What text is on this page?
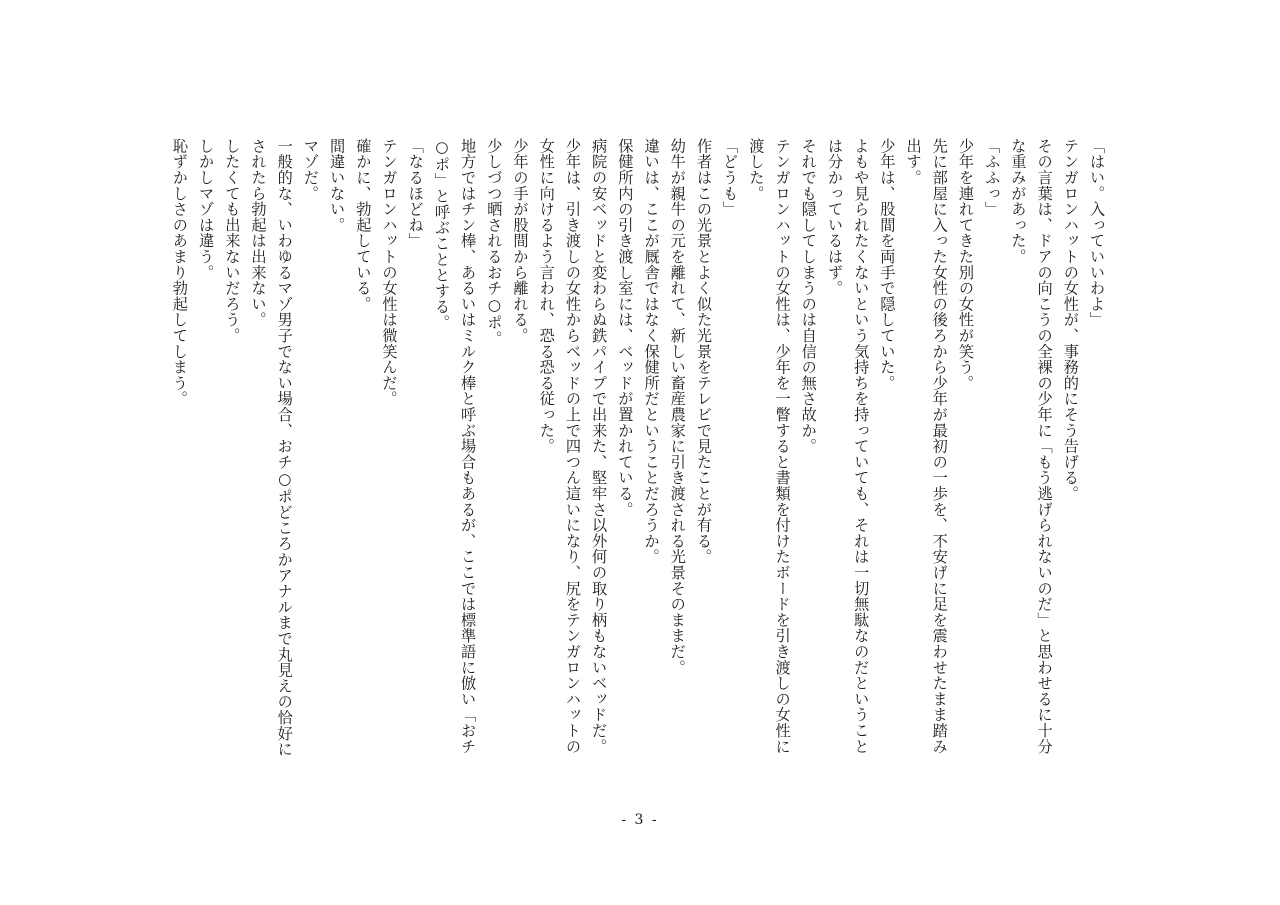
「はい。入っていいわよ」
テンガロンハットの女性が、事務的にそう告げる。
その言葉は、ドアの向こうの全裸の少年に「もう逃げられないのだ」と思わせるに十分
な重みがあった。
「ふふっ」
少年を連れてきた別の女性が笑う。
先に部屋に入った女性の後ろから少年が最初の一歩を、不安げに足を震わせたまま踏み
出す。
少年は、股間を両手で隠していた。
よもや見られたくないという気持ちを持っていても、それは一切無駄なのだということ
は分かっているはず。
それでも隠してしまうのは自信の無さ故か。
テンガロンハットの女性は、少年を一瞥すると書類を付けたボードを引き渡しの女性に
渡した。
「どうも」
作者はこの光景とよく似た光景をテレビで見たことが有る。
幼牛が親牛の元を離れて、新しい畜産農家に引き渡される光景そのままだ。
違いは、ここが厩舎ではなく保健所だということだろうか。
保健所内の引き渡し室には、ベッドが置かれている。
病院の安ベッドと変わらぬ鉄パイプで出来た、堅牢さ以外何の取り柄もないベッドだ。
少年は、引き渡しの女性からベッドの上で四つん這いになり、尻をテンガロンハットの
女性に向けるよう言われ、恐る恐る従った。
少年の手が股間から離れる。
少しづつ晒されるおチ○ポ。
地方ではチン棒、あるいはミルク棒と呼ぶ場合もあるが、ここでは標準語に倣い「おチ
○ポ」と呼ぶこととする。
「なるほどね」
テンガロンハットの女性は微笑んだ。
確かに、勃起している。
間違いない。
マゾだ。
一般的な、いわゆるマゾ男子でない場合、おチ○ポどころかアナルまで丸見えの恰好に
されたら勃起は出来ない。
したくても出来ないだろう。
しかしマゾは違う。
恥ずかしさのあまり勃起してしまう。
- 3 -
